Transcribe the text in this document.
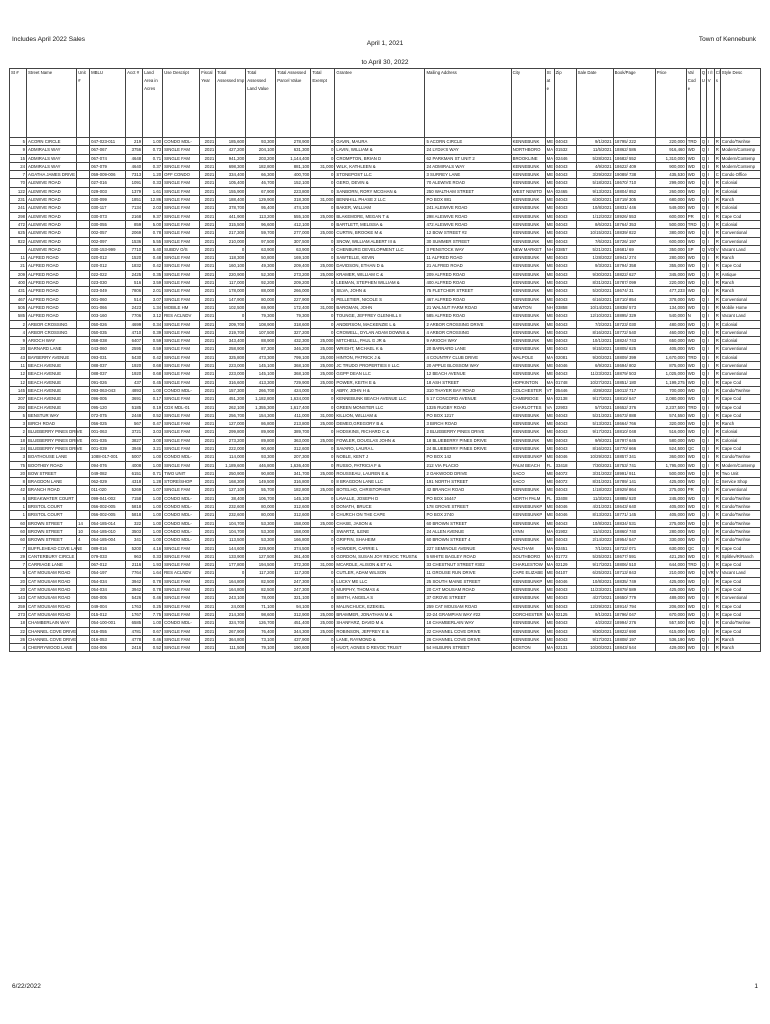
Includes April 2022 Sales
April 1, 2021
to April 30, 2022
Town of Kennebunk
St #	Street Name	Unit #	MBLU	Acct #	Land Area in Acres	Use Descript	Fiscal Year	Total Assessed Imp	Total Assessed Land Value	Total Assessed Parcel Value	Total Exempt	Grantee	Mailing Address	City	St at e	Zip	Sale Date	Book/Page	Price	Val Cod e	Q U	I /I V	Cl s	Style Desc
5	ACORN CIRCLE		047-023-011	219	1.00	CONDO MDL-	2021	185,600	93,300	278,900	0	GAVIN, MAURA	5 ACORN CIRCLE	KENNEBUNK	ME	04043	9/1/2021	18795/ 222	220,000	TRD	Q	I	R	Condo/Twnhse
9	ADMIRALS WAY		067-067	3756	0.73	SINGLE FAM	2021	427,200	204,100	631,300	0	LAVIN, WILLIAM &	24 LYDIA'S WAY	NORTHBORO	MA	01532	11/5/2021	18862/ 586	916,460	WD	Q	I	R	Modern/Contemp
15	ADMIRALS WAY		067-074	4648	0.71	SINGLE FAM	2021	941,200	203,200	1,144,400	0	CROMPTON, BRIAN D	62 PARKMAN ST UNIT 2	BROOKLINE	MA	02446	5/28/2021	18682/ 552	1,310,000	WD	Q	I	R	Modern/Contemp
24	ADMIRALS WAY		067-079	4640	0.37	SINGLE FAM	2021	698,300	182,800	881,100	31,000	WILK, KATHLEEN &	24 ADMIRALS WAY	KENNEBUNK	ME	04043	4/9/2021	18622/ 409	900,000	WD	Q	I	R	Modern/Contemp
7	AGATHA JAMES DRIVE		059-009-006	7313	1.20	OFF CONDO	2021	334,400	66,300	400,700	0	STONEPOST LLC	3 SURREY LANE	KENNEBUNK	ME	04043	3/29/2022	19089/ 738	435,530	WD	Q	I	C	Condo Office
70	ALEWIVE ROAD		027-016	1091	0.33	SINGLE FAM	2021	105,400	46,700	152,100	0	GERO, DEVIN &	70 ALEWIVE ROAD	KENNEBUNK	ME	04043	5/18/2021	18670/ 710	299,000	WD	Q	I	R	Colonial
122	ALEWIVE ROAD		029-003	1379	1.61	SINGLE FAM	2021	155,900	67,900	223,800	0	SANBORN, RORY MCGHAN &	250 WALTHAM STREET	WEST NEWTO	MA	02465	9/13/2021	18804/ 852	260,000	WD	Q	I	R	Colonial
231	ALEWIVE ROAD		030-099	1851	12.86	SINGLE FAM	2021	188,400	129,900	318,300	31,000	BENNHILL PHASE 2 LLC	PO BOX 881	KENNEBUNK	ME	04043	6/30/2021	18719/ 305	680,000	WD	Q	I	R	Ranch
241	ALEWIVE ROAD		030-117	7134	2.03	SINGLE FAM	2021	378,700	95,400	474,100	0	BAKER, WILLIAM	241 ALEWIVE ROAD	KENNEBUNK	ME	04043	10/8/2021	18831/ 446	549,000	WD	Q	I	R	Colonial
298	ALEWIVE ROAD		030-073	2168	9.37	SINGLE FAM	2021	441,900	113,200	555,100	25,000	BLAKEMORE, MEGAN T &	298 ALEWIVE ROAD	KENNEBUNK	ME	04043	1/12/2022	18926/ 553	600,000	PR	Q	I	R	Cape Cod
472	ALEWIVE ROAD		030-055	859	5.00	SINGLE FAM	2021	315,500	96,600	412,100	0	BARTLETT, MELISSA &	472 ALEWIVE ROAD	KENNEBUNK	ME	04043	8/6/2021	18764/ 353	500,000	TRD	Q	I	R	Colonial
625	ALEWIVE ROAD		002-057	2069	0.78	SINGLE FAM	2021	217,300	59,700	277,000	25,000	CURTIN, BROOKE M &	12 BOW STREET #2	KENNEBUNK	ME	04043	10/15/2021	18839/ 822	380,000	WD	Q	I	R	Conventional
822	ALEWIVE ROAD		002-097	1536	5.55	SINGLE FAM	2021	210,000	97,500	307,500	0	SNOW, WILLIAM ALBERT III &	30 SUMMER STREET	KENNEBUNK	ME	04043	7/6/2021	18726/ 197	600,000	WD	Q	I	R	Conventional
	ALEWIVE ROAD		030-153-999	7710	5.40	SUBDV O/S	2021	0	63,900	63,900	0	CHENBURG DEVELOPMENT LLC	3 PENSTOCK WAY	NEW MARKET	NH	03857	5/21/2021	18681/ 69	350,000	SP	Q	VO	V	Vacant Land
11	ALFRED ROAD		020-012	1520	0.48	SINGLE FAM	2021	118,300	50,800	169,100	0	SAWTELLE, KEVIN	11 ALFRED ROAD	KENNEBUNK	ME	04043	1/28/2022	18941/ 274	280,000	WD	Q	I	R	Ranch
21	ALFRED ROAD		020-012	1832	0.42	SINGLE FAM	2021	160,100	49,300	209,400	25,000	DAVIDSON, ETHAN D &	21 ALFRED ROAD	KENNEBUNK	ME	04043	9/3/2021	18794/ 358	355,000	WD	Q	I	R	Cape Cod
209	ALFRED ROAD		022-022	2425	0.35	SINGLE FAM	2021	220,900	52,300	273,200	25,000	KRAMER, WILLIAM C &	209 ALFRED ROAD	KENNEBUNK	ME	04043	9/30/2021	18822/ 627	345,000	WD	Q	I	R	Antique
400	ALFRED ROAD		023-030	516	3.59	SINGLE FAM	2021	117,000	92,200	209,200	0	LEEMAN, STEPHEN WILLIAM &	400 ALFRED ROAD	KENNEBUNK	ME	04043	8/31/2021	18787/ 099	220,000	WD	Q	I	R	Ranch
431	ALFRED ROAD		023-049	7806	2.01	SINGLE FAM	2021	178,000	88,000	266,000	0	SILVA, JOHN &	75 FLETCHER STREET	KENNEBUNK	ME	04043	5/20/2021	18674/ 31	477,233	WD	Q	I	R	Ranch
467	ALFRED ROAD		001-060	514	3.07	SINGLE FAM	2021	147,900	80,000	227,900	0	PELLETIER, NICOLE S	467 ALFRED ROAD	KENNEBUNK	ME	04043	6/16/2021	18710/ 854	378,000	WD	Q	I	R	Conventional
505	ALFRED ROAD		001-066	2423	1.34	MOBILE HM	2021	102,500	69,900	172,400	31,000	BARGMAN, JOHN	21 WALNUT FARM ROAD	NEWTON	NH	03858	10/14/2021	18838/ 573	134,000	WD	Q	I	R	Mobile Home
585	ALFRED ROAD		003-160	7706	3.12	RES ACLNDV	2021	0	79,300	79,300	0	TOUNGE, JEFFREY GLENHILL II	585 ALFRED ROAD	KENNEBUNK	ME	04043	12/10/2021	18895/ 329	540,000	N	Q	I	R	Vacant Land
2	ARBOR CROSSING		050-026	4699	0.34	SINGLE FAM	2021	209,700	108,900	318,600	0	ANDERSON, MACKENZIE L &	2 ARBOR CROSSING DRIVE	KENNEBUNK	ME	04043	7/2/2021	18723/ 030	480,000	WD	Q	I	R	Colonial
4	ARBOR CROSSING		050-035	4710	0.39	SINGLE FAM	2021	219,700	107,500	327,200	0	CROWELL, DYLAN ADAM DOWNS &	4 ARBOR CROSSING	KENNEBUNK	ME	04043	8/16/2021	18772/ 540	460,000	WD	Q	I	R	Conventional
9	ARIOCH WAY		058-038	6407	0.59	SINGLE FAM	2021	343,400	88,900	432,300	25,000	MITCHELL, PAUL G JR &	9 ARIOCH WAY	KENNEBUNK	ME	04043	10/1/2021	18824/ 743	650,000	WD	Q	I	R	Colonial
20	BARNARD LANE		043-060	2595	0.59	SINGLE FAM	2021	258,900	87,300	346,200	25,000	WRIGHT, MICHAEL K &	20 BARNARD LANE	KENNEBUNK	ME	04043	9/15/2021	18805/ 625	405,000	WD	Q	I	R	Conventional
43	BAYBERRY AVENUE		093-031	5430	0.42	SINGLE FAM	2021	325,800	473,300	799,100	25,000	HINTON, PATRICK J &	4 COUNTRY CLUB DRIVE	WALPOLE	MA	02081	9/20/2021	18809/ 399	1,670,000	TRD	Q	I	R	Colonial
11	BEACH AVENUE		088-037	1920	0.68	SINGLE FAM	2021	223,000	145,100	368,100	25,000	JC TRUDO PROPERTIES II LLC	20 APPLE BLOSSOM WAY	KENNEBUNK	ME	04046	6/9/2021	18694/ 802	875,000	WD	Q	I	R	Conventional
12	BEACH AVENUE		088-037	1920	0.68	SINGLE FAM	2021	223,000	145,100	368,100	25,000	GGPP DEAN LLC	12 BEACH AVENUE	KENNEBUNK	ME	04043	11/23/2021	18879/ 503	1,025,000	WD	Q	I	R	Conventional
12	BEACH AVENUE		091-026	437	0.45	SINGLE FAM	2021	316,600	413,300	729,900	25,000	POWER, KEITH E &	18 ASH STREET	HOPKINTON	MA	01748	10/27/2021	18851/ 180	1,199,275	WD	Q	I	R	Cape Cod
145	BEACH AVENUE		093-063-043	4893	1.00	CONDO MDL-	2021	157,300	266,700	424,000	0	ABRY, JOHN H &	310 THAYER BAY ROAD	COLCHESTER	VT	05446	4/29/2022	19013/ 717	700,000	WD	Q	I	R	Condo/Twnhse
207	BEACH AVENUE		096-005	3691	0.17	SINGLE FAM	2021	451,200	1,182,800	1,634,000	0	KENNEBUNK BEACH AVENUE LLC	5 17 CONCORD AVENUE	CAMBRIDGE	MA	02138	9/17/2021	18810/ 547	2,080,000	WD	Q	I	R	Cape Cod
292	BEACH AVENUE		095-120	5185	0.19	CDX MDL-01	2021	262,100	1,355,300	1,617,400	0	GREEN MONSTER LLC	1326 RUGBY ROAD	CHARLOTTES	VA	22903	5/7/2021	18652/ 376	2,237,500	TRD	Q	I	W	Cape Cod
5	BENSTUR WAY		072-075	2448	0.52	SINGLE FAM	2021	256,700	154,300	411,000	31,000	KILLION, WILLIAM &	PO BOX 1217	KENNEBUNK	ME	04043	5/21/2021	18673/ 888	574,550	WD	Q	I	R	Cape Cod
3	BIRCH ROAD		056-025	567	0.47	SINGLE FAM	2021	127,000	86,800	213,800	25,000	DEMEO,GREGORY B &	3 BIRCH ROAD	KENNEBUNK	ME	04043	5/13/2021	18664/ 766	320,000	WD	Q	I	R	Ranch
2	BLUEBERRY PINES DRIVE		001-063	3721	3.03	SINGLE FAM	2021	299,800	89,900	389,700	0	HODSKINS, RICHARD C &	2 BLUEBERRY PINES DRIVE	KENNEBUNK	ME	04043	9/17/2021	18810/ 048	516,000	WD	Q	I	R	Colonial
18	BLUEBERRY PINES DRIVE		001-035	3827	3.00	SINGLE FAM	2021	273,200	89,800	363,000	25,000	FOWLER, DOUGLAS JOHN &	18 BLUEBERRY PINES DRIVE	KENNEBUNK	ME	04043	9/9/2021	18797/ 645	580,000	WD	Q	I	R	Colonial
24	BLUEBERRY PINES DRIVE		001-039	3946	3.21	SINGLE FAM	2021	222,000	90,600	312,600	0	SAVARO, LAURA L	24 BLUEBERRY PINES DRIVE	KENNEBUNK	ME	04043	8/16/2021	18770/ 666	524,500	QC	Q	I	R	Cape Cod
3	BOATHOUSE LANE		1088-017-001	5007	1.00	CONDO MDL-	2021	114,000	93,300	207,300	0	NOBLE, KENT J	PO BOX 142	KENNEBUNKP	ME	04046	10/29/2021	18857/ 341	360,000	WD	Q	I	R	Condo/Twnhse
75	BOOTHBY ROAD		094-076	4008	1.00	SINGLE FAM	2021	1,189,600	446,800	1,636,400	0	RUSSO, PATRICIA F &	212 VIA PLACIO	PALM BEACH	FL	33418	7/30/2021	18753/ 741	1,795,000	WD	Q	I	R	Modern/Contemp
20	BOW STREET		049-082	6151	0.71	TWO UNIT	2021	250,900	90,800	341,700	25,000	ROUSSEAU, LAUREN E &	2 OAKWOOD DRIVE	SACO	ME	04072	3/31/2022	18991/ 911	500,000	WD	Q	I	R	Two Unit
8	BRAGDON LANE		062-029	4318	1.28	STORE/SHOP	2021	168,300	149,500	316,800	0	8 BRAGDON LANE LLC	191 NORTH STREET	SACO	ME	04072	8/31/2021	18789/ 141	425,000	WD	Q	I	C	Service Shop
42	BRANCH ROAD		011-020	5269	1.07	SINGLE FAM	2021	127,100	55,700	182,800	25,000	BOTELHO, CHRISTOPHER	42 BRANCH ROAD	KENNEBUNK	ME	04043	1/18/2022	18929/ 864	275,000	PR	Q	I	R	Conventional
5	BREAKWATER COURT		099-041-002	7158	1.00	CONDO MDL-	2021	38,400	106,700	145,100	0	LAVALLE, JOSEPH D	PO BOX 16447	NORTH PALM	FL	33408	11/3/2021	18885/ 520	245,000	WD	Q	I	R	Condo/Twnhse
1	BRISTOL COURT		056-002-005	5818	1.00	CONDO MDL-	2021	232,600	80,000	312,600	0	DONATH, BRUCE	178 GROVE STREET	KENNEBUNKP	ME	04046	4/21/2021	18643/ 640	405,000	WD	Q	I	R	Condo/Twnhse
1	BRISTOL COURT		056-002-005	5818	1.00	CONDO MDL-	2021	232,600	80,000	312,600	0	CHURCH ON THE CAPE	PO BOX 2740	KENNEBUNKP	ME	04046	8/13/2021	18771/ 145	405,000	WD	Q	I	R	Condo/Twnhse
60	BROWN STREET	14	054-185-014	322	1.00	CONDO MDL-	2021	104,700	53,300	158,000	25,000	CHASE, JASON &	60 BROWN STREET	KENNEBUNK	ME	04043	10/8/2021	18834/ 531	275,000	WD	Q	I	R	Condo/Twnhse
60	BROWN STREET	10	054-185-010	3503	1.00	CONDO MDL-	2021	104,700	53,300	158,000	0	SWARTZ, ILENE	24 ALLEN AVENUE	LYNN	MA	01902	11/4/2021	18860/ 740	280,000	WD	Q	I	R	Condo/Twnhse
60	BROWN STREET	4	054-185-004	341	1.00	CONDO MDL-	2021	113,500	53,300	166,800	0	GRIFFIN, SHAHEIM	60 BROWN STREET 4	KENNEBUNK	ME	04043	2/14/2022	18954/ 547	330,000	WD	Q	I	R	Condo/Twnhse
7	BUFFLEHEAD COVE LANE		089-016	5200	4.16	SINGLE FAM	2021	144,600	229,900	374,500	0	HOWDER, CARRIE L	227 SEMINOLE AVENUE	WALTHAM	MA	02451	7/1/2021	18722/ 071	630,000	QC	Q	I	R	Cape Cod
29	CANTERBURY CIRCLE		079-033	963	0.33	SINGLE FAM	2021	133,900	127,500	261,400	0	GORDON, SUSAN JOY REVOC TRUST&	5 WHITE BAGLEY ROAD	SOUTHBORO	MA	01772	5/25/2021	18677/ 591	421,250	WD	Q	I	R	Splitlev/R/Ranch
7	CARRIAGE LANE		067-012	2116	1.93	SINGLE FAM	2021	177,800	194,500	372,300	31,000	MCARDLE, ALISON & ET AL	33 CHESTNUT STREET #302	CHARLESTOW	MA	02129	9/17/2021	18806/ 510	644,000	TRD	Q	I	R	Cape Cod
5	CAT MOUSAM ROAD		054-197	7764	1.64	RES ACLNDV	2021	0	117,200	117,200	0	CUTLER, ADAM WILSON	11 GROUSE RUN DRIVE	CAPE ELIZABE	ME	04107	6/25/2021	18713/ 843	210,000	WD	Q	VR	V	Vacant Land
20	CAT MOUSAM ROAD		054-034	3942	0.78	SINGLE FAM	2021	164,800	82,500	247,300	0	LUCKY ME LLC	25 SOUTH MAINE STREET	KENNEBUNKP	ME	04046	10/8/2021	18835/ 749	425,000	WD	Q	I	R	Cape Cod
20	CAT MOUSAM ROAD		054-034	3942	0.78	SINGLE FAM	2021	164,800	82,500	247,300	0	MURPHY, THOMAS &	20 CAT MOUSAM ROAD	KENNEBUNK	ME	04043	11/23/2021	18879/ 589	425,000	WD	Q	I	R	Cape Cod
143	CAT MOUSAM ROAD		050-005	5426	0.46	SINGLE FAM	2021	243,100	78,000	321,100	0	SMITH, ANGELA S	37 GROVE STREET	KENNEBUNK	ME	04043	4/27/2021	18650/ 779	489,000	WD	Q	I	R	Conventional
259	CAT MOUSAM ROAD		049-004	1763	0.25	SINGLE FAM	2021	24,000	71,100	94,100	0	MALINCHUCK, EZEKIEL	259 CAT MOUSAM ROAD	KENNEBUNK	ME	04043	12/29/2021	18914/ 794	206,000	WD	Q	I	R	Cape Cod
273	CAT MOUSAM ROAD		015-012	1767	7.75	SINGLE FAM	2021	214,300	98,600	312,900	25,000	BRAMMER, JONATHAN M &	22-24 GRAMPIAN WAY #22	DORCHESTER	MA	02125	9/1/2021	18796/ 047	670,000	WD	Q	I	R	Cape Cod
18	CHAMBERLAIN WAY		054-100-001	6585	1.00	CONDO MDL-	2021	324,700	126,700	451,400	25,000	SHANFARZ, DAVID M &	18 CHAMBERLAIN WAY	KENNEBUNK	ME	04043	4/2/2022	18994/ 276	557,500	WD	Q	I	R	Condo/Twnhse
22	CHANNEL COVE DRIVE		016-055	4781	0.67	SINGLE FAM	2021	267,900	76,400	344,300	25,000	ROBINSON, JEFFREY E &	22 CHANNEL COVE DRIVE	KENNEBUNK	ME	04043	9/30/2021	18822/ 690	615,000	WD	Q	I	R	Cape Cod
26	CHANNEL COVE DRIVE		016-053	4778	0.46	SINGLE FAM	2021	364,800	73,100	437,900	0	LANE, RAYMOND &	26 CHANNEL COVE DRIVE	KENNEBUNK	ME	04043	9/17/2021	18808/ 197	536,190	WD	Q	I	R	Ranch
4	CHERRYWOOD LANE		034-006	2416	0.52	SINGLE FAM	2021	111,500	79,100	190,600	0	HUOT, AGNES D REVOC TRUST	54 HILBURN STREET	BOSTON	MA	02131	10/20/2021	18843/ 544	429,000	WD	Q	I	R	Ranch
6/22/2022	1
